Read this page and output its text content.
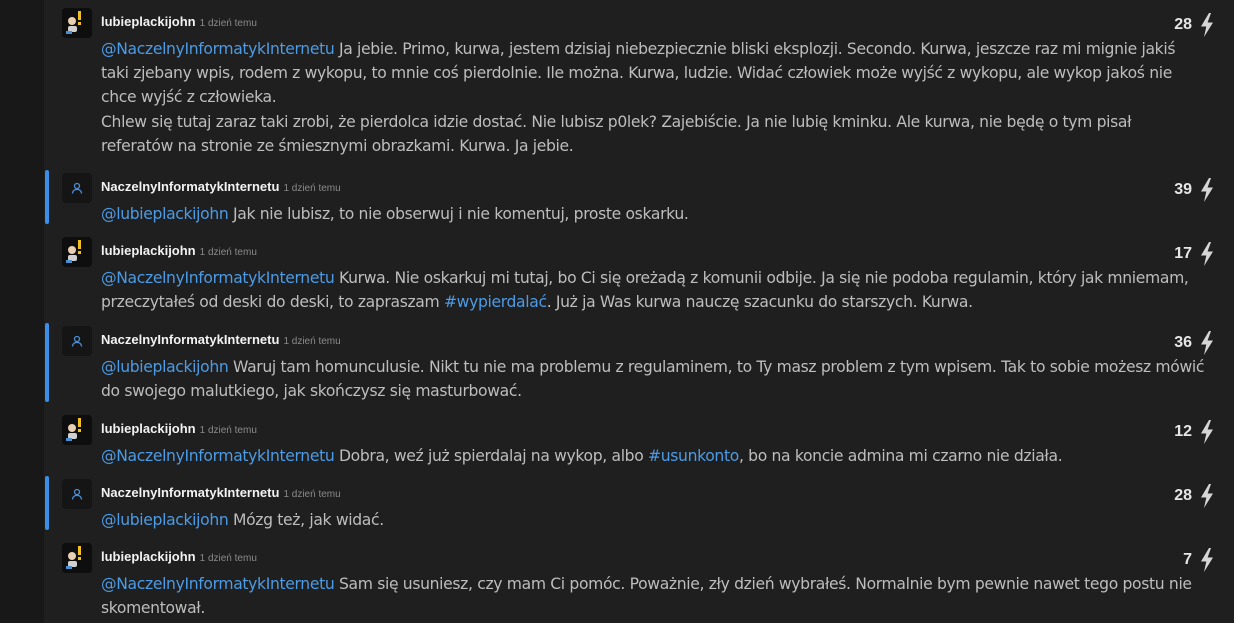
lubieplackijohn 1 dzień temu

@NaczelnyInformatykInternetu Ja jebie. Primo, kurwa, jestem dzisiaj niebezpiecznie bliski eksplozji. Secondo. Kurwa, jeszcze raz mi mignie jakiś taki zjebany wpis, rodem z wykopu, to mnie coś pierdolnie. Ile można. Kurwa, ludzie. Widać człowiek może wyjść z wykopu, ale wykop jakoś nie chce wyjść z człowieka.

Chlew się tutaj zaraz taki zrobi, że pierdolca idzie dostać. Nie lubisz p0lek? Zajebiście. Ja nie lubię kminku. Ale kurwa, nie będę o tym pisał referatów na stronie ze śmiesznymi obrazkami. Kurwa. Ja jebie.

28
NaczelnyInformatykInternetu 1 dzień temu

@lubieplackijohn Jak nie lubisz, to nie obserwuj i nie komentuj, proste oskarku.

39
lubieplackijohn 1 dzień temu

@NaczelnyInformatykInternetu Kurwa. Nie oskarkuj mi tutaj, bo Ci się oreżadą z komunii odbije. Ja się nie podoba regulamin, który jak mniemam, przeczytałeś od deski do deski, to zapraszam #wypierdalać. Już ja Was kurwa nauczę szacunku do starszych. Kurwa.

17
NaczelnyInformatykInternetu 1 dzień temu

@lubieplackijohn Waruj tam homunculusie. Nikt tu nie ma problemu z regulaminem, to Ty masz problem z tym wpisem. Tak to sobie możesz mówić do swojego malutkiego, jak skończysz się masturbować.

36
lubieplackijohn 1 dzień temu

@NaczelnyInformatykInternetu Dobra, weź już spierdalaj na wykop, albo #usunkonto, bo na koncie admina mi czarno nie działa.

12
NaczelnyInformatykInternetu 1 dzień temu

@lubieplackijohn Mózg też, jak widać.

28
lubieplackijohn 1 dzień temu

@NaczelnyInformatykInternetu Sam się usuniesz, czy mam Ci pomóc. Poważnie, zły dzień wybrałeś. Normalnie bym pewnie nawet tego postu nie skomentował.

7
